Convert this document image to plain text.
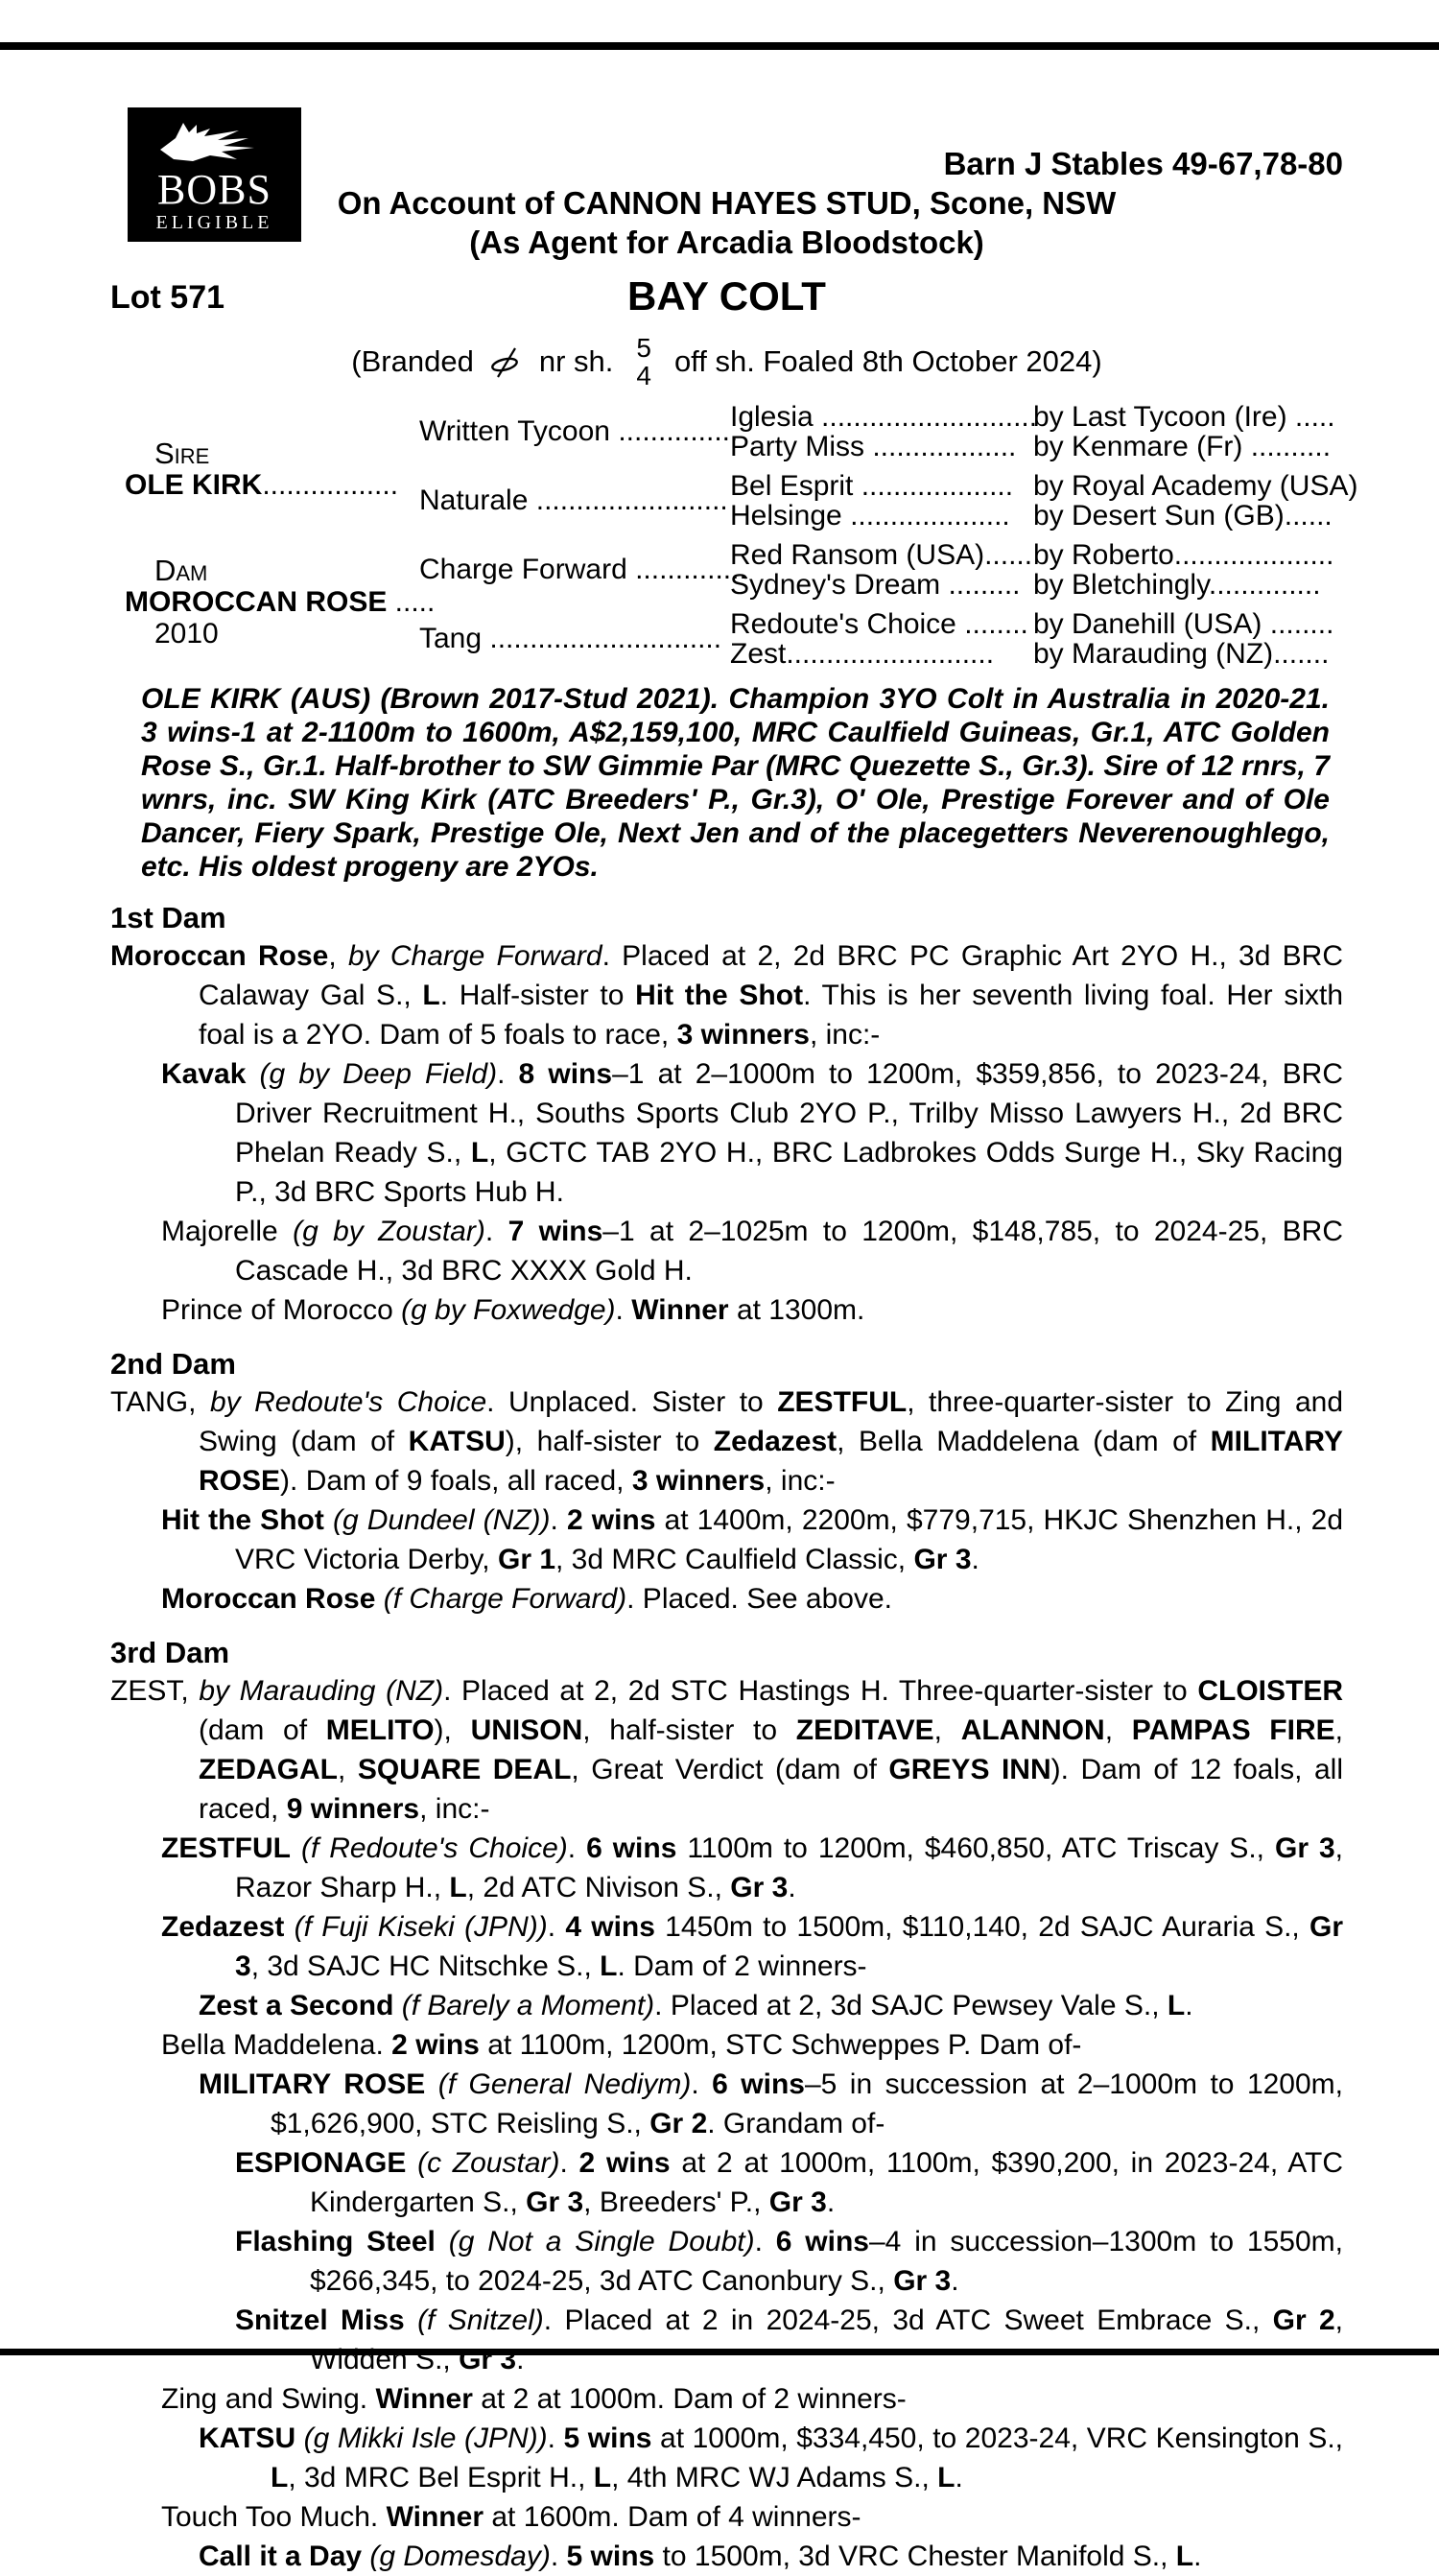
BOBS
ELIGIBLE
Barn J Stables 49-67,78-80
On Account of CANNON HAYES STUD, Scone, NSW
(As Agent for Arcadia Bloodstock)
Lot 571	BAY COLT
(Branded nr sh. 5
4 off sh. Foaled 8th October 2024)
Sire
OLE KIRK.................
Dam
MOROCCAN ROSE .....
2010
Written Tycoon ...............
Iglesia ...........................
by Last Tycoon (Ire) .....
Party Miss .................. by Kenmare (Fr) ..........
Naturale ........................ Bel Esprit ................... by Royal Academy (USA)
Helsinge .................... by Desert Sun (GB)......
Charge Forward ..............
Red Ransom (USA)...... by Roberto....................
Sydney's Dream ......... by Bletchingly..............
Tang ............................. Redoute's Choice ........ by Danehill (USA) ........
Zest..........................	by Marauding (NZ).......
OLE KIRK (AUS) (Brown 2017-Stud 2021). Champion 3YO Colt in Australia in 2020-21. 3 wins-1 at 2-1100m to 1600m, A$2,159,100, MRC Caulfield Guineas, Gr.1, ATC Golden Rose S., Gr.1. Half-brother to SW Gimmie Par (MRC Quezette S., Gr.3). Sire of 12 rnrs, 7 wnrs, inc. SW King Kirk (ATC Breeders' P., Gr.3), O' Ole, Prestige Forever and of Ole Dancer, Fiery Spark, Prestige Ole, Next Jen and of the placegetters Neverenoughlego, etc. His oldest progeny are 2YOs.
1st Dam
Moroccan Rose, by Charge Forward. Placed at 2, 2d BRC PC Graphic Art 2YO H., 3d BRC Calaway Gal S., L. Half-sister to Hit the Shot. This is her seventh living foal. Her sixth foal is a 2YO. Dam of 5 foals to race, 3 winners, inc:-
Kavak (g by Deep Field). 8 wins–1 at 2–1000m to 1200m, $359,856, to 2023-24, BRC Driver Recruitment H., Souths Sports Club 2YO P., Trilby Misso Lawyers H., 2d BRC Phelan Ready S., L, GCTC TAB 2YO H., BRC Ladbrokes Odds Surge H., Sky Racing P., 3d BRC Sports Hub H.
Majorelle (g by Zoustar). 7 wins–1 at 2–1025m to 1200m, $148,785, to 2024-25, BRC Cascade H., 3d BRC XXXX Gold H.
Prince of Morocco (g by Foxwedge). Winner at 1300m.
2nd Dam
TANG, by Redoute's Choice. Unplaced. Sister to ZESTFUL, three-quarter-sister to Zing and Swing (dam of KATSU), half-sister to Zedazest, Bella Maddelena (dam of MILITARY ROSE). Dam of 9 foals, all raced, 3 winners, inc:-
Hit the Shot (g Dundeel (NZ)). 2 wins at 1400m, 2200m, $779,715, HKJC Shenzhen H., 2d VRC Victoria Derby, Gr 1, 3d MRC Caulfield Classic, Gr 3.
Moroccan Rose (f Charge Forward). Placed. See above.
3rd Dam
ZEST, by Marauding (NZ). Placed at 2, 2d STC Hastings H. Three-quarter-sister to CLOISTER (dam of MELITO), UNISON, half-sister to ZEDITAVE, ALANNON, PAMPAS FIRE, ZEDAGAL, SQUARE DEAL, Great Verdict (dam of GREYS INN). Dam of 12 foals, all raced, 9 winners, inc:-
ZESTFUL (f Redoute's Choice). 6 wins 1100m to 1200m, $460,850, ATC Triscay S., Gr 3, Razor Sharp H., L, 2d ATC Nivison S., Gr 3.
Zedazest (f Fuji Kiseki (JPN)). 4 wins 1450m to 1500m, $110,140, 2d SAJC Auraria S., Gr 3, 3d SAJC HC Nitschke S., L. Dam of 2 winners-
Zest a Second (f Barely a Moment). Placed at 2, 3d SAJC Pewsey Vale S., L.
Bella Maddelena. 2 wins at 1100m, 1200m, STC Schweppes P. Dam of-
MILITARY ROSE (f General Nediym). 6 wins–5 in succession at 2–1000m to 1200m, $1,626,900, STC Reisling S., Gr 2. Grandam of-
ESPIONAGE (c Zoustar). 2 wins at 2 at 1000m, 1100m, $390,200, in 2023-24, ATC Kindergarten S., Gr 3, Breeders' P., Gr 3.
Flashing Steel (g Not a Single Doubt). 6 wins–4 in succession–1300m to 1550m, $266,345, to 2024-25, 3d ATC Canonbury S., Gr 3.
Snitzel Miss (f Snitzel). Placed at 2 in 2024-25, 3d ATC Sweet Embrace S., Gr 2, Widden S., Gr 3.
Zing and Swing. Winner at 2 at 1000m. Dam of 2 winners-
KATSU (g Mikki Isle (JPN)). 5 wins at 1000m, $334,450, to 2023-24, VRC Kensington S., L, 3d MRC Bel Esprit H., L, 4th MRC WJ Adams S., L.
Touch Too Much. Winner at 1600m. Dam of 4 winners-
Call it a Day (g Domesday). 5 wins to 1500m, 3d VRC Chester Manifold S., L.
